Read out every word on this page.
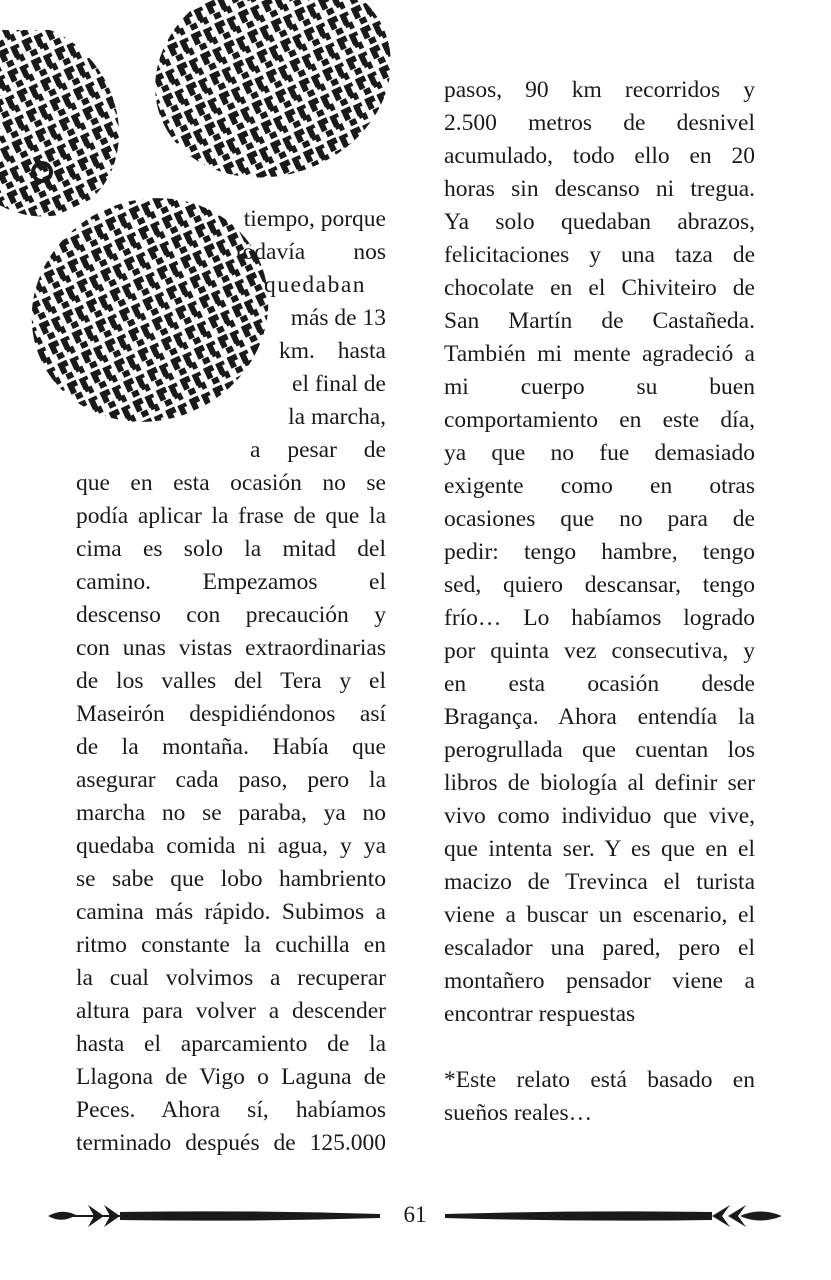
tiempo, porque
todavía nos
quedaban
más de 13
km. hasta
el final de
la marcha,
a pesar de
que en esta ocasión no se
podía aplicar la frase de que la
cima es solo la mitad del
camino. Empezamos el
descenso con precaución y
con unas vistas extraordinarias
de los valles del Tera y el
Maseirón despidiéndonos así
de la montaña. Había que
asegurar cada paso, pero la
marcha no se paraba, ya no
quedaba comida ni agua, y ya
se sabe que lobo hambriento
camina más rápido. Subimos a
ritmo constante la cuchilla en
la cual volvimos a recuperar
altura para volver a descender
hasta el aparcamiento de la
Llagona de Vigo o Laguna de
Peces. Ahora sí, habíamos
terminado después de 125.000
pasos, 90 km recorridos y
2.500 metros de desnivel
acumulado, todo ello en 20
horas sin descanso ni tregua.
Ya solo quedaban abrazos,
felicitaciones y una taza de
chocolate en el Chiviteiro de
San Martín de Castañeda.
También mi mente agradeció a
mi cuerpo su buen
comportamiento en este día,
ya que no fue demasiado
exigente como en otras
ocasiones que no para de
pedir: tengo hambre, tengo
sed, quiero descansar, tengo
frío… Lo habíamos logrado
por quinta vez consecutiva, y
en esta ocasión desde
Bragança. Ahora entendía la
perogrullada que cuentan los
libros de biología al definir ser
vivo como individuo que vive,
que intenta ser. Y es que en el
macizo de Trevinca el turista
viene a buscar un escenario, el
escalador una pared, pero el
montañero pensador viene a
encontrar respuestas
*Este relato está basado en
sueños reales…
61
